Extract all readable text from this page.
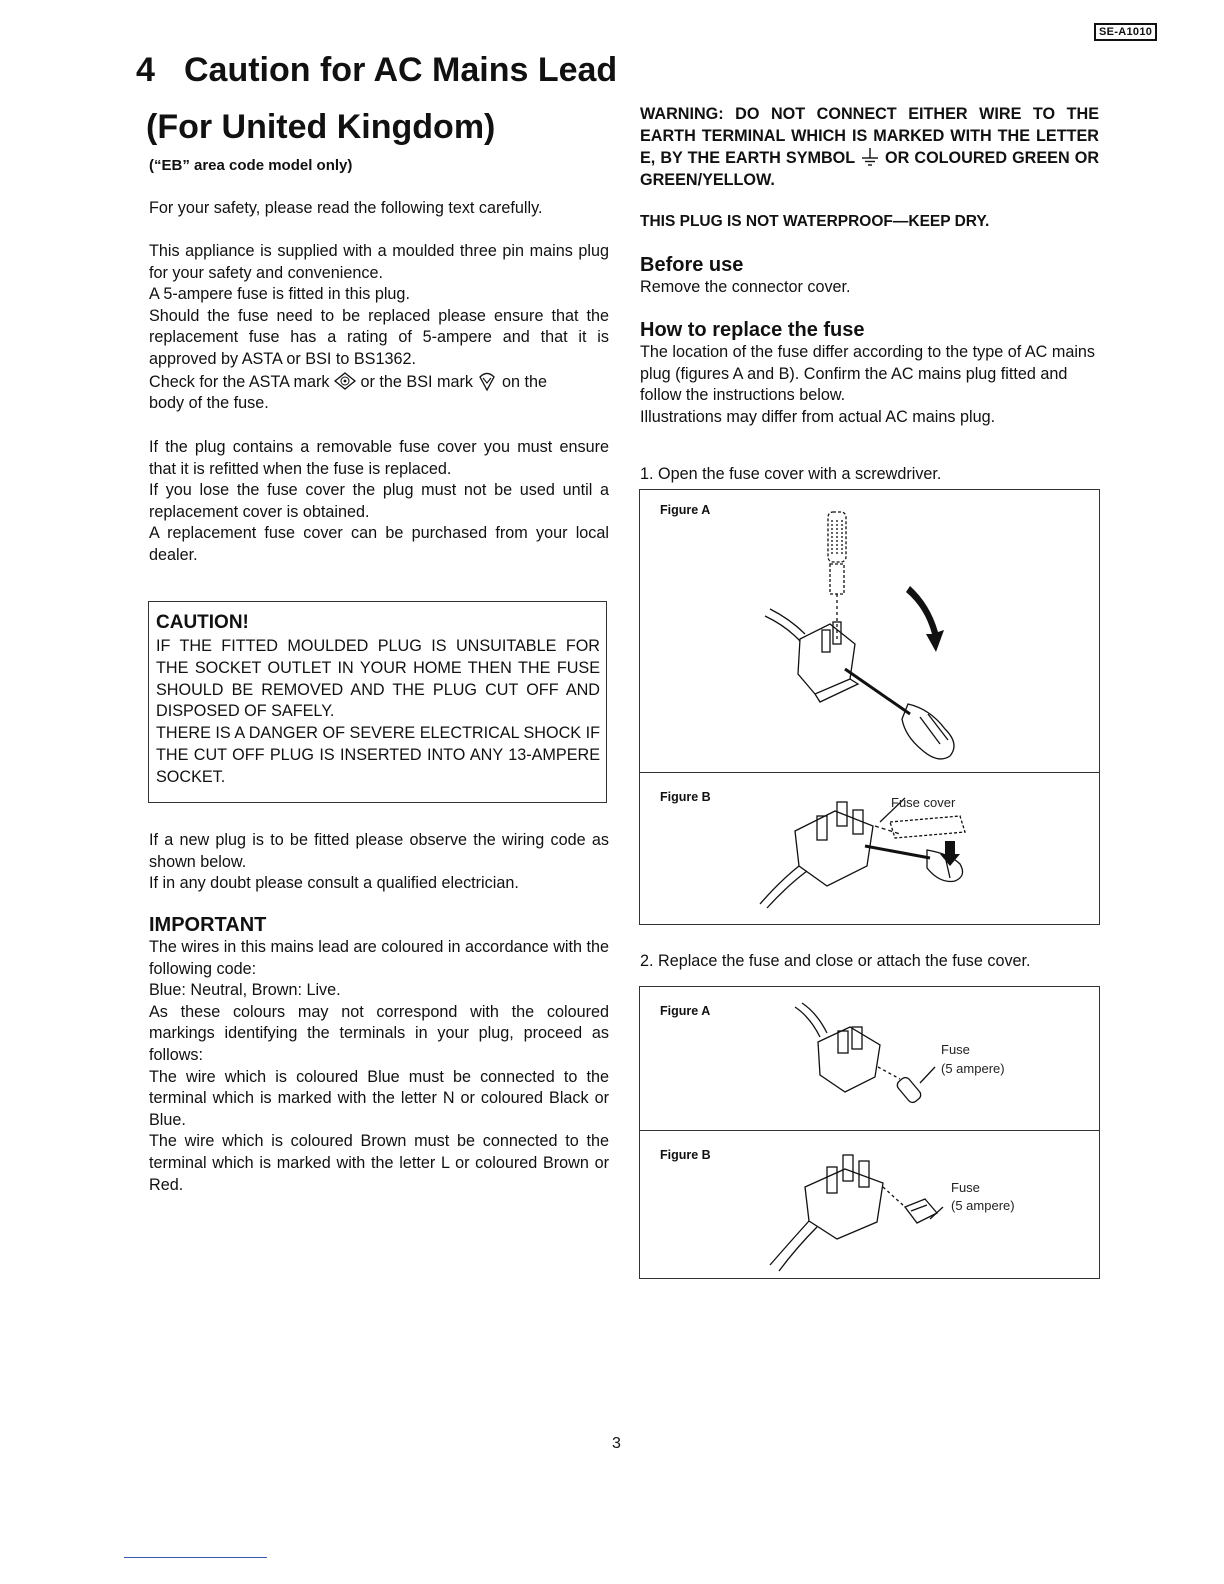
SE-A1010

4 Caution for AC Mains Lead

(For United Kingdom)

(“EB” area code model only)

For your safety, please read the following text carefully.

This appliance is supplied with a moulded three pin mains plug for your safety and convenience.

A 5-ampere fuse is fitted in this plug.

Should the fuse need to be replaced please ensure that the replacement fuse has a rating of 5-ampere and that it is approved by ASTA or BSI to BS1362.

Check for the ASTA mark or the BSI mark on the

body of the fuse.

If the plug contains a removable fuse cover you must ensure that it is refitted when the fuse is replaced.

If you lose the fuse cover the plug must not be used until a replacement cover is obtained.

A replacement fuse cover can be purchased from your local dealer.

CAUTION!

IF THE FITTED MOULDED PLUG IS UNSUITABLE FOR THE SOCKET OUTLET IN YOUR HOME THEN THE FUSE SHOULD BE REMOVED AND THE PLUG CUT OFF AND DISPOSED OF SAFELY.

THERE IS A DANGER OF SEVERE ELECTRICAL SHOCK IF THE CUT OFF PLUG IS INSERTED INTO ANY 13-AMPERE SOCKET.

If a new plug is to be fitted please observe the wiring code as shown below.

If in any doubt please consult a qualified electrician.

IMPORTANT

The wires in this mains lead are coloured in accordance with the following code:

Blue: Neutral, Brown: Live.

As these colours may not correspond with the coloured markings identifying the terminals in your plug, proceed as follows:

The wire which is coloured Blue must be connected to the terminal which is marked with the letter N or coloured Black or Blue.

The wire which is coloured Brown must be connected to the terminal which is marked with the letter L or coloured Brown or Red.

WARNING: DO NOT CONNECT EITHER WIRE TO THE EARTH TERMINAL WHICH IS MARKED WITH THE LETTER E, BY THE EARTH SYMBOL OR COLOURED GREEN OR GREEN/YELLOW.
THIS PLUG IS NOT WATERPROOF—KEEP DRY.

Before use

Remove the connector cover.

How to replace the fuse

The location of the fuse differ according to the type of AC mains plug (figures A and B). Confirm the AC mains plug fitted and follow the instructions below.

Illustrations may differ from actual AC mains plug.

1. Open the fuse cover with a screwdriver.
Figure A
Figure B	Fuse cover
2. Replace the fuse and close or attach the fuse cover.
Figure A
Figure B
Fuse
(5 ampere)
Fuse
(5 ampere)
3
